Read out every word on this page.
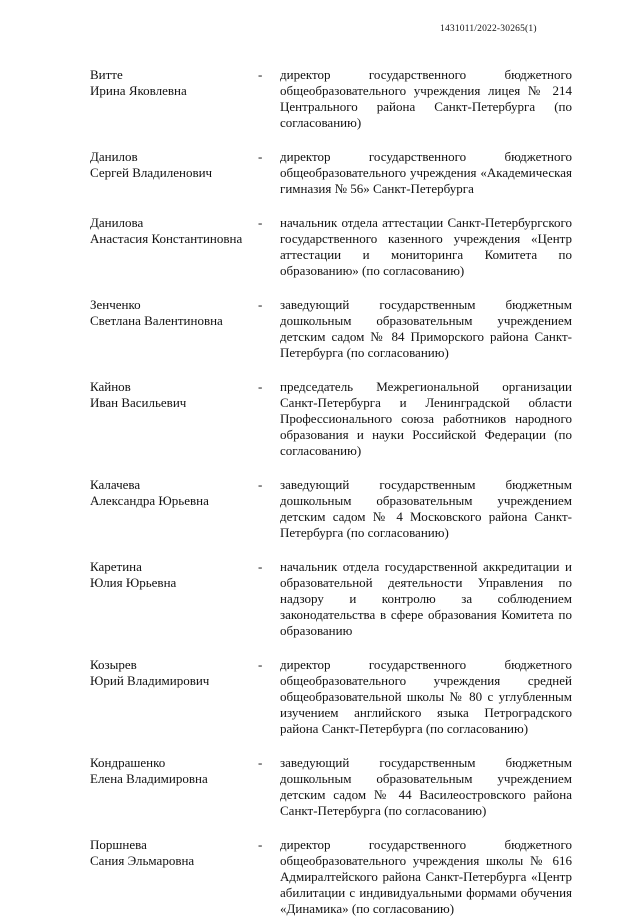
1431011/2022-30265(1)
Витте
Ирина Яковлевна
-	директор государственного бюджетного общеобразовательного учреждения лицея № 214 Центрального района Санкт-Петербурга (по согласованию)
Данилов
Сергей Владиленович
-	директор государственного бюджетного общеобразовательного учреждения «Академическая гимназия № 56» Санкт-Петербурга
Данилова
Анастасия Константиновна
-	начальник отдела аттестации Санкт-Петербургского государственного казенного учреждения «Центр аттестации и мониторинга Комитета по образованию» (по согласованию)
Зенченко
Светлана Валентиновна
-	заведующий государственным бюджетным дошкольным образовательным учреждением детским садом № 84 Приморского района Санкт-Петербурга (по согласованию)
Кайнов
Иван Васильевич
-	председатель Межрегиональной организации Санкт-Петербурга и Ленинградской области Профессионального союза работников народного образования и науки Российской Федерации (по согласованию)
Калачева
Александра Юрьевна
-	заведующий государственным бюджетным дошкольным образовательным учреждением детским садом № 4 Московского района Санкт-Петербурга (по согласованию)
Каретина
Юлия Юрьевна
-	начальник отдела государственной аккредитации и образовательной деятельности Управления по надзору и контролю за соблюдением законодательства в сфере образования Комитета по образованию
Козырев
Юрий Владимирович
-	директор государственного бюджетного общеобразовательного учреждения средней общеобразовательной школы № 80 с углубленным изучением английского языка Петроградского района Санкт-Петербурга (по согласованию)
Кондрашенко
Елена Владимировна
-	заведующий государственным бюджетным дошкольным образовательным учреждением детским садом № 44 Василеостровского района Санкт-Петербурга (по согласованию)
Поршнева
Сания Эльмаровна
-	директор государственного бюджетного общеобразовательного учреждения школы № 616 Адмиралтейского района Санкт-Петербурга «Центр абилитации с индивидуальными формами обучения «Динамика» (по согласованию)
